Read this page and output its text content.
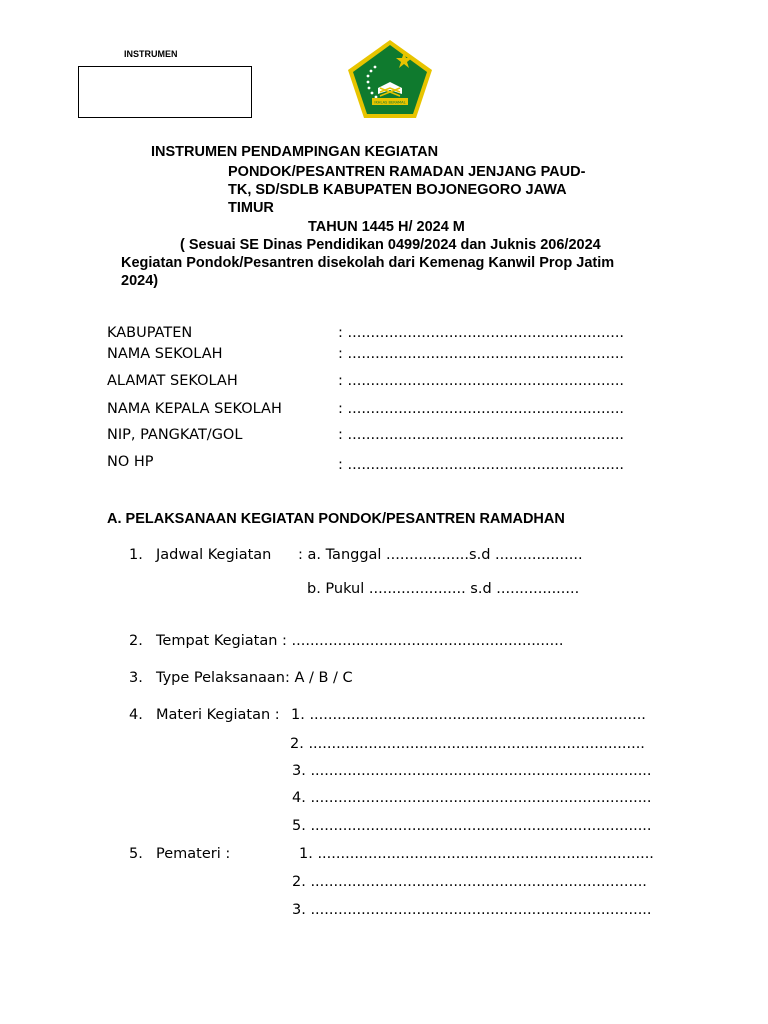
INSTRUMEN
IKHLAS BERAMAL
INSTRUMEN PENDAMPINGAN KEGIATAN
PONDOK/PESANTREN RAMADAN JENJANG PAUD-
TK, SD/SDLB KABUPATEN BOJONEGORO JAWA
TIMUR
TAHUN 1445 H/ 2024 M
( Sesuai SE Dinas Pendidikan 0499/2024 dan Juknis 206/2024
Kegiatan Pondok/Pesantren disekolah dari Kemenag Kanwil Prop Jatim
2024)
KABUPATEN	: ............................................................
NAMA SEKOLAH	: ............................................................
ALAMAT SEKOLAH	: ............................................................
NAMA KEPALA SEKOLAH	: ............................................................
NIP, PANGKAT/GOL	: ............................................................
NO HP	: ............................................................
A. PELAKSANAAN KEGIATAN PONDOK/PESANTREN RAMADHAN
1. Jadwal Kegiatan : a. Tanggal ..................s.d ...................
b. Pukul ..................... s.d ..................
2. Tempat Kegiatan : ...........................................................
3. Type Pelaksanaan: A / B / C
4. Materi Kegiatan : 1. .........................................................................
2. .........................................................................
3. ..........................................................................
4. ..........................................................................
5. ..........................................................................
5. Pemateri :	1. .........................................................................
2. .........................................................................
3. ..........................................................................
